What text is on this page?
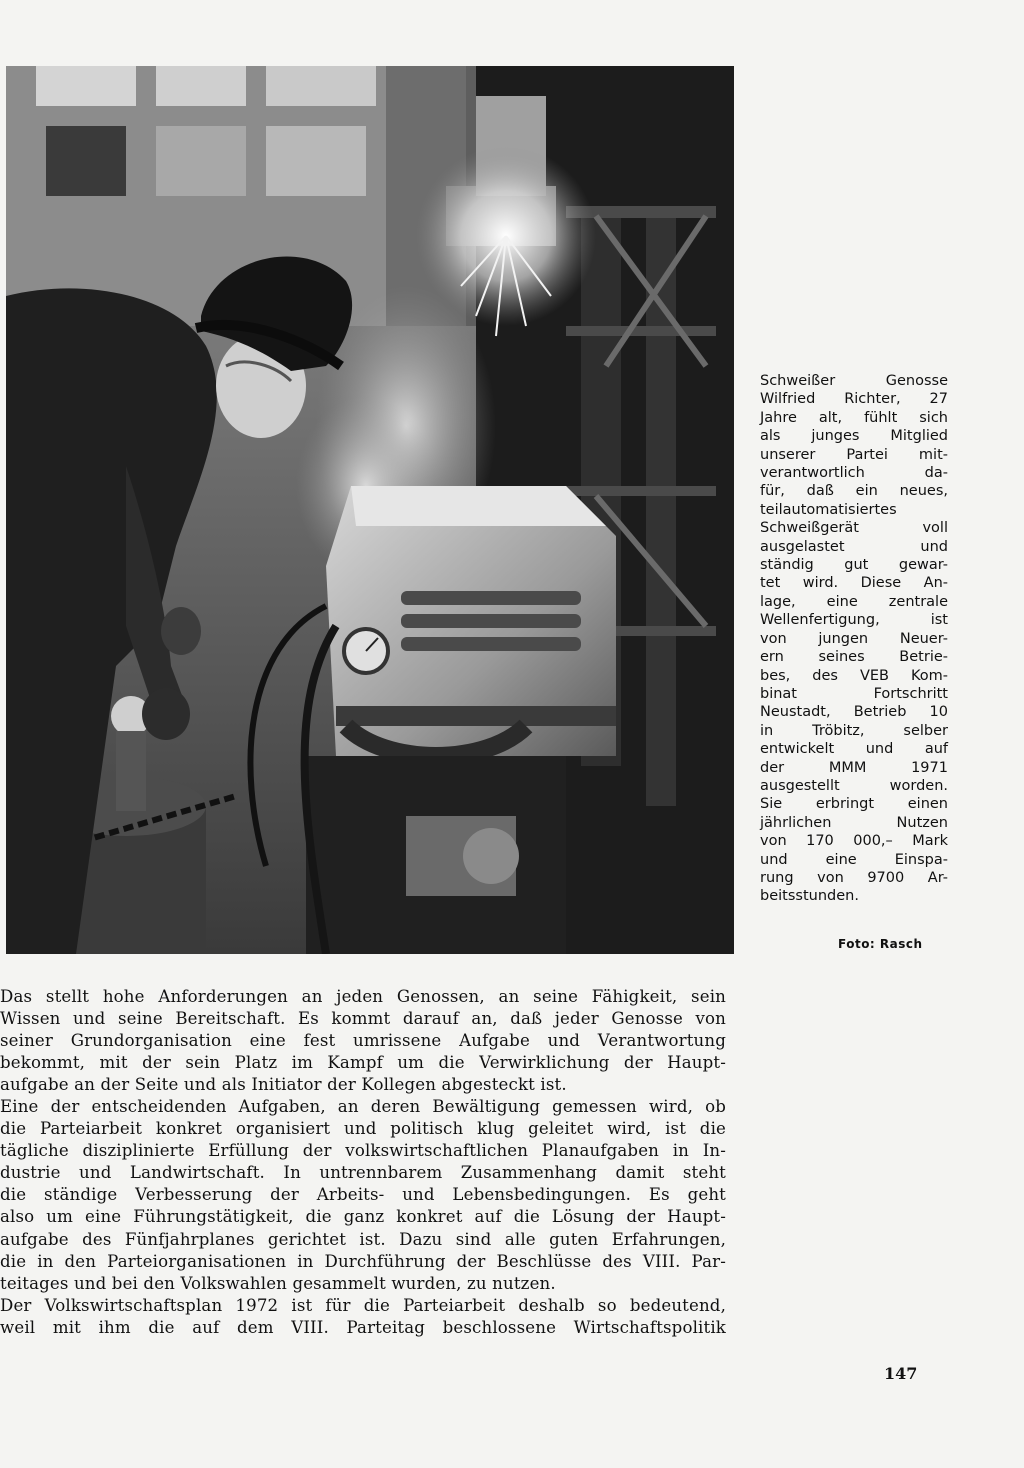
Schweißer Genosse
Wilfried Richter, 27
Jahre alt, fühlt sich
als junges Mitglied
unserer Partei mit-
verantwortlich da-
für, daß ein neues,
teilautomatisiertes
Schweißgerät voll
ausgelastet und
ständig gut gewar-
tet wird. Diese An-
lage, eine zentrale
Wellenfertigung, ist
von jungen Neuer-
ern seines Betrie-
bes, des VEB Kom-
binat Fortschritt
Neustadt, Betrieb 10
in Tröbitz, selber
entwickelt und auf
der MMM 1971
ausgestellt worden.
Sie erbringt einen
jährlichen Nutzen
von 170 000,– Mark
und eine Einspa-
rung von 9700 Ar-
beitsstunden.
Foto: Rasch
Das stellt hohe Anforderungen an jeden Genossen, an seine Fähigkeit, sein
Wissen und seine Bereitschaft. Es kommt darauf an, daß jeder Genosse von
seiner Grundorganisation eine fest umrissene Aufgabe und Verantwortung
bekommt, mit der sein Platz im Kampf um die Verwirklichung der Haupt-
aufgabe an der Seite und als Initiator der Kollegen abgesteckt ist.
Eine der entscheidenden Aufgaben, an deren Bewältigung gemessen wird, ob
die Parteiarbeit konkret organisiert und politisch klug geleitet wird, ist die
tägliche disziplinierte Erfüllung der volkswirtschaftlichen Planaufgaben in In-
dustrie und Landwirtschaft. In untrennbarem Zusammenhang damit steht
die ständige Verbesserung der Arbeits- und Lebensbedingungen. Es geht
also um eine Führungstätigkeit, die ganz konkret auf die Lösung der Haupt-
aufgabe des Fünfjahrplanes gerichtet ist. Dazu sind alle guten Erfahrungen,
die in den Parteiorganisationen in Durchführung der Beschlüsse des VIII. Par-
teitages und bei den Volkswahlen gesammelt wurden, zu nutzen.
Der Volkswirtschaftsplan 1972 ist für die Parteiarbeit deshalb so bedeutend,
weil mit ihm die auf dem VIII. Parteitag beschlossene Wirtschaftspolitik
147
